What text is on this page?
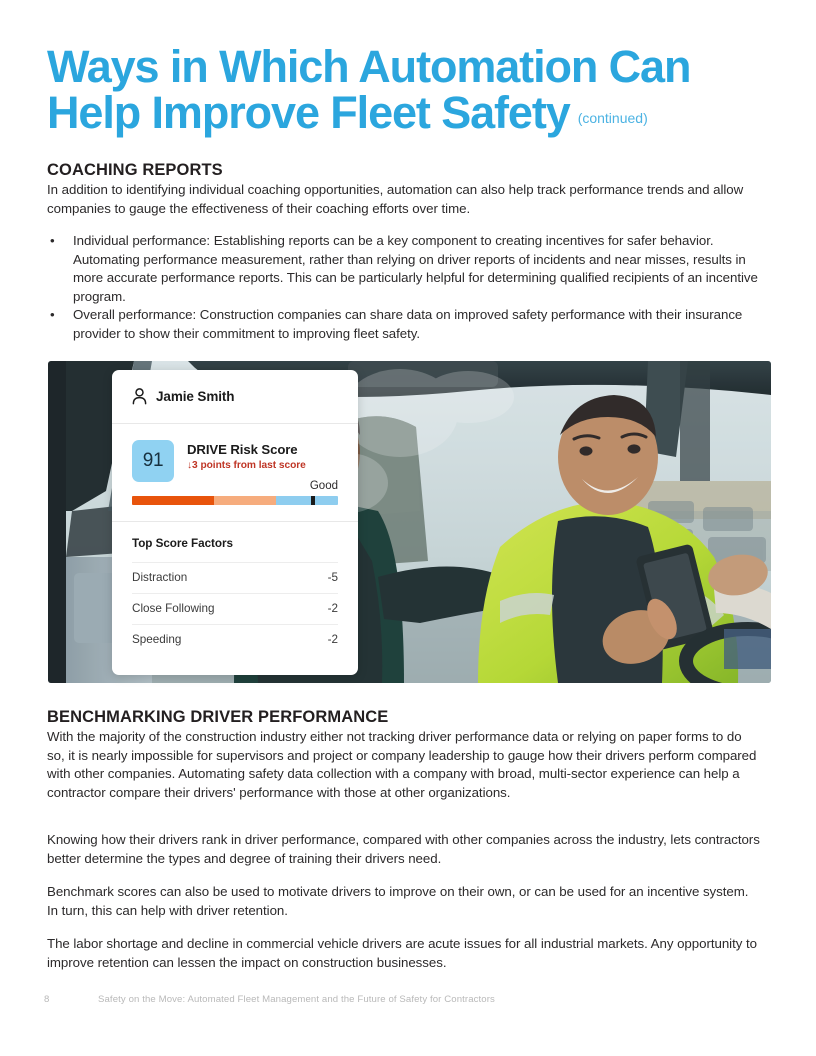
Ways in Which Automation Can
Help Improve Fleet Safety (continued)
COACHING REPORTS
In addition to identifying individual coaching opportunities, automation can also help track performance trends and allow companies to gauge the effectiveness of their coaching efforts over time.
•	Individual performance: Establishing reports can be a key component to creating incentives for safer behavior. Automating performance measurement, rather than relying on driver reports of incidents and near misses, results in more accurate performance reports. This can be particularly helpful for determining qualified recipients of an incentive program.
•	Overall performance: Construction companies can share data on improved safety performance with their insurance provider to show their commitment to improving fleet safety.
Jamie Smith
91
DRIVE Risk Score
↓3 points from last score
Good
Top Score Factors
Distraction	-5
Close Following	-2
Speeding	-2
BENCHMARKING DRIVER PERFORMANCE
With the majority of the construction industry either not tracking driver performance data or relying on paper forms to do so, it is nearly impossible for supervisors and project or company leadership to gauge how their drivers perform compared with other companies. Automating safety data collection with a company with broad, multi-sector experience can help a contractor compare their drivers' performance with those at other organizations.
Knowing how their drivers rank in driver performance, compared with other companies across the industry, lets contractors better determine the types and degree of training their drivers need.
Benchmark scores can also be used to motivate drivers to improve on their own, or can be used for an incentive system. In turn, this can help with driver retention.
The labor shortage and decline in commercial vehicle drivers are acute issues for all industrial markets. Any opportunity to improve retention can lessen the impact on construction businesses.
8	Safety on the Move: Automated Fleet Management and the Future of Safety for Contractors
